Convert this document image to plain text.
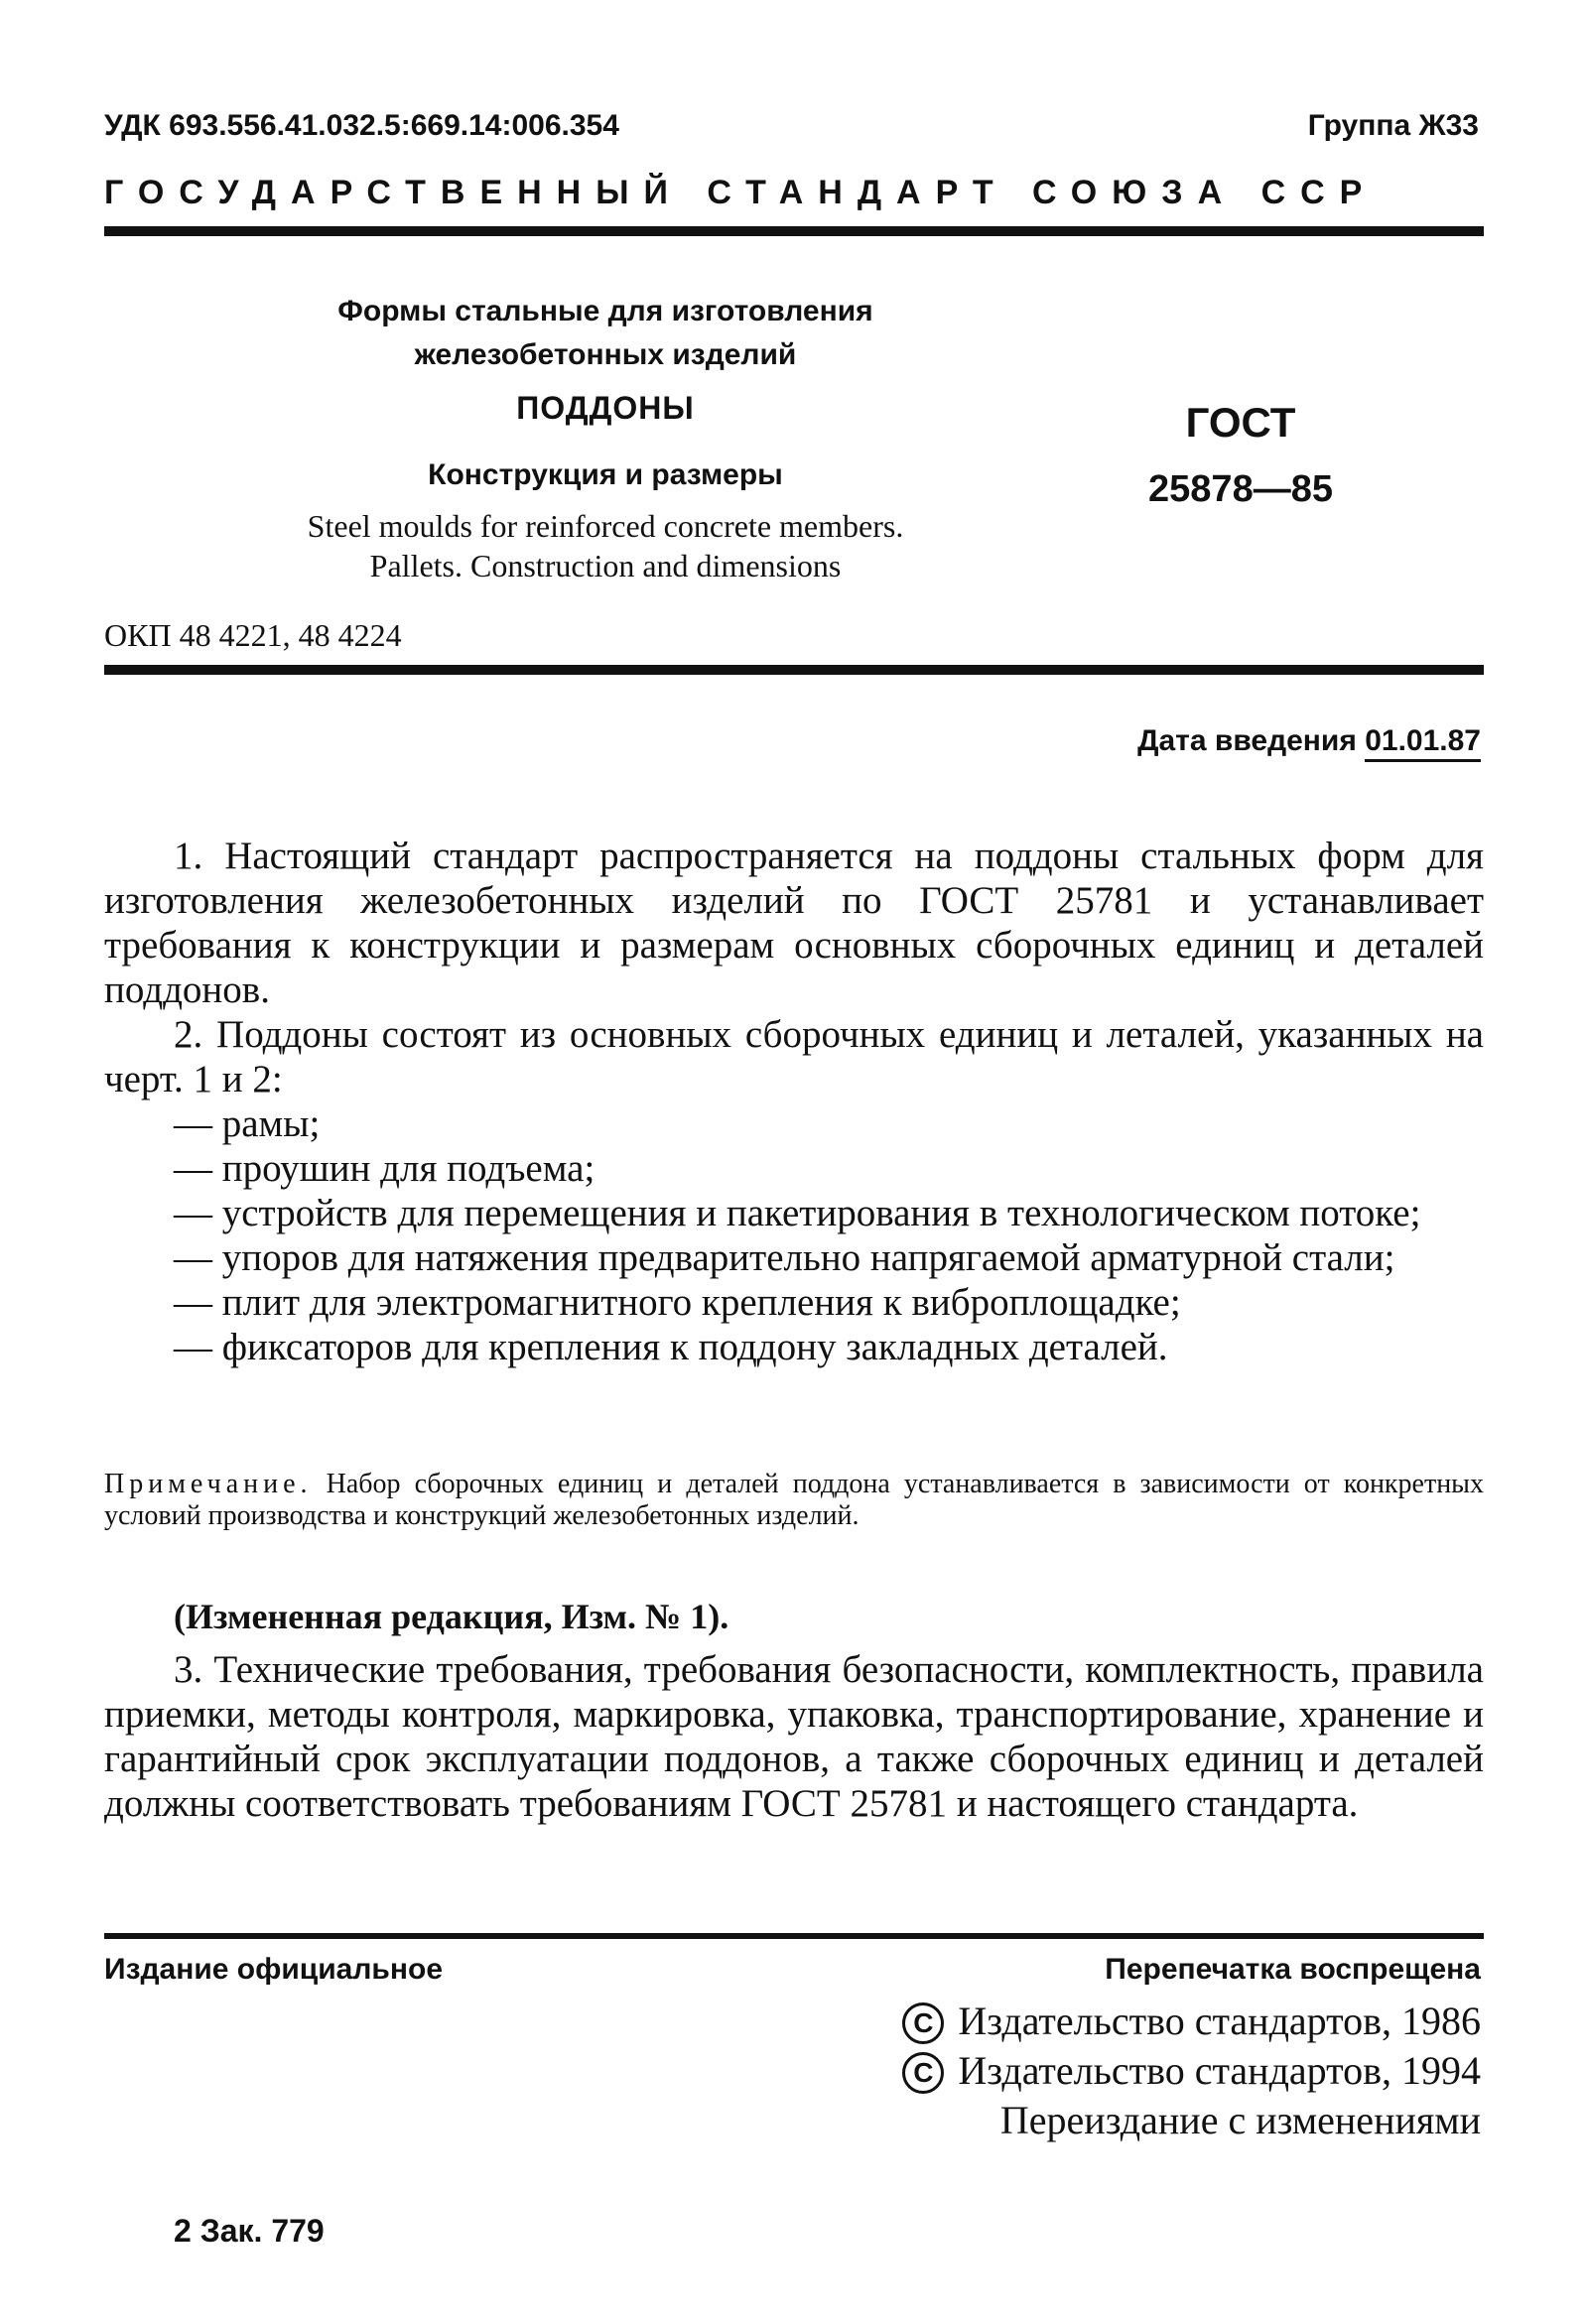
УДК 693.556.41.032.5:669.14:006.354	Группа Ж33
ГОСУДАРСТВЕННЫЙ СТАНДАРТ СОЮЗА ССР
Формы стальные для изготовления
железобетонных изделий
ПОДДОНЫ
Конструкция и размеры
Steel moulds for reinforced concrete members.
Pallets. Construction and dimensions
ГОСТ
25878—85
ОКП 48 4221, 48 4224
Дата введения 01.01.87

1. Настоящий стандарт распространяется на поддоны стальных форм для изготовления железобетонных изделий по ГОСТ 25781 и устанавливает требования к конструкции и размерам основных сборочных единиц и деталей поддонов.

2. Поддоны состоят из основных сборочных единиц и леталей, указанных на черт. 1 и 2:

— рамы;

— проушин для подъема;

— устройств для перемещения и пакетирования в технологическом потоке;

— упоров для натяжения предварительно напрягаемой арматурной стали;

— плит для электромагнитного крепления к виброплощадке;

— фиксаторов для крепления к поддону закладных деталей.

Примечание. Набор сборочных единиц и деталей поддона устанавливается в зависимости от конкретных условий производства и конструкций железобетонных изделий.
(Измененная редакция, Изм. № 1).

3. Технические требования, требования безопасности, комплектность, правила приемки, методы контроля, маркировка, упаковка, транспортирование, хранение и гарантийный срок эксплуатации поддонов, а также сборочных единиц и деталей должны соответствовать требованиям ГОСТ 25781 и настоящего стандарта.

Издание официальное	Перепечатка воспрещена
C Издательство стандартов, 1986
C Издательство стандартов, 1994
Переиздание с изменениями
2 Зак. 779
